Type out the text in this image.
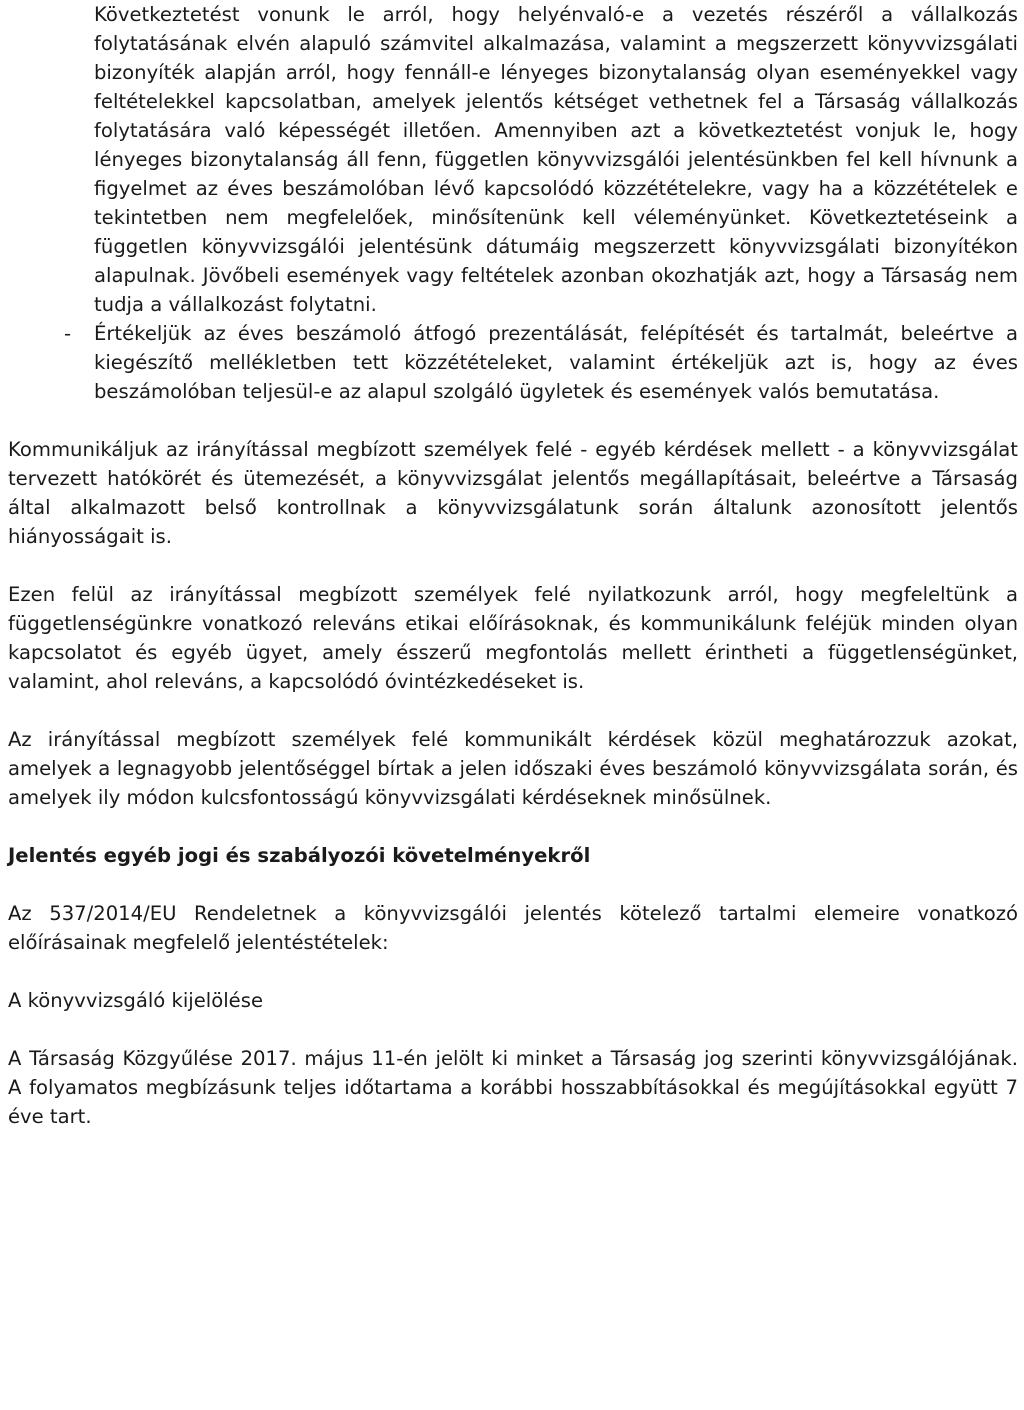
Következtetést vonunk le arról, hogy helyénvaló-e a vezetés részéről a vállalkozás folytatásának elvén alapuló számvitel alkalmazása, valamint a megszerzett könyvvizsgálati bizonyíték alapján arról, hogy fennáll-e lényeges bizonytalanság olyan eseményekkel vagy feltételekkel kapcsolatban, amelyek jelentős kétséget vethetnek fel a Társaság vállalkozás folytatására való képességét illetően. Amennyiben azt a következtetést vonjuk le, hogy lényeges bizonytalanság áll fenn, független könyvvizsgálói jelentésünkben fel kell hívnunk a figyelmet az éves beszámolóban lévő kapcsolódó közzétételekre, vagy ha a közzétételek e tekintetben nem megfelelőek, minősítenünk kell véleményünket. Következtetéseink a független könyvvizsgálói jelentésünk dátumáig megszerzett könyvvizsgálati bizonyítékon alapulnak. Jövőbeli események vagy feltételek azonban okozhatják azt, hogy a Társaság nem tudja a vállalkozást folytatni.

- Értékeljük az éves beszámoló átfogó prezentálását, felépítését és tartalmát, beleértve a kiegészítő mellékletben tett közzétételeket, valamint értékeljük azt is, hogy az éves beszámolóban teljesül-e az alapul szolgáló ügyletek és események valós bemutatása.

Kommunikáljuk az irányítással megbízott személyek felé - egyéb kérdések mellett - a könyvvizsgálat tervezett hatókörét és ütemezését, a könyvvizsgálat jelentős megállapításait, beleértve a Társaság által alkalmazott belső kontrollnak a könyvvizsgálatunk során általunk azonosított jelentős hiányosságait is.

Ezen felül az irányítással megbízott személyek felé nyilatkozunk arról, hogy megfeleltünk a függetlenségünkre vonatkozó releváns etikai előírásoknak, és kommunikálunk feléjük minden olyan kapcsolatot és egyéb ügyet, amely ésszerű megfontolás mellett érintheti a függetlenségünket, valamint, ahol releváns, a kapcsolódó óvintézkedéseket is.

Az irányítással megbízott személyek felé kommunikált kérdések közül meghatározzuk azokat, amelyek a legnagyobb jelentőséggel bírtak a jelen időszaki éves beszámoló könyvvizsgálata során, és amelyek ily módon kulcsfontosságú könyvvizsgálati kérdéseknek minősülnek.

Jelentés egyéb jogi és szabályozói követelményekről

Az 537/2014/EU Rendeletnek a könyvvizsgálói jelentés kötelező tartalmi elemeire vonatkozó előírásainak megfelelő jelentéstételek:

A könyvvizsgáló kijelölése

A Társaság Közgyűlése 2017. május 11-én jelölt ki minket a Társaság jog szerinti könyvvizsgálójának. A folyamatos megbízásunk teljes időtartama a korábbi hosszabbításokkal és megújításokkal együtt 7 éve tart.
